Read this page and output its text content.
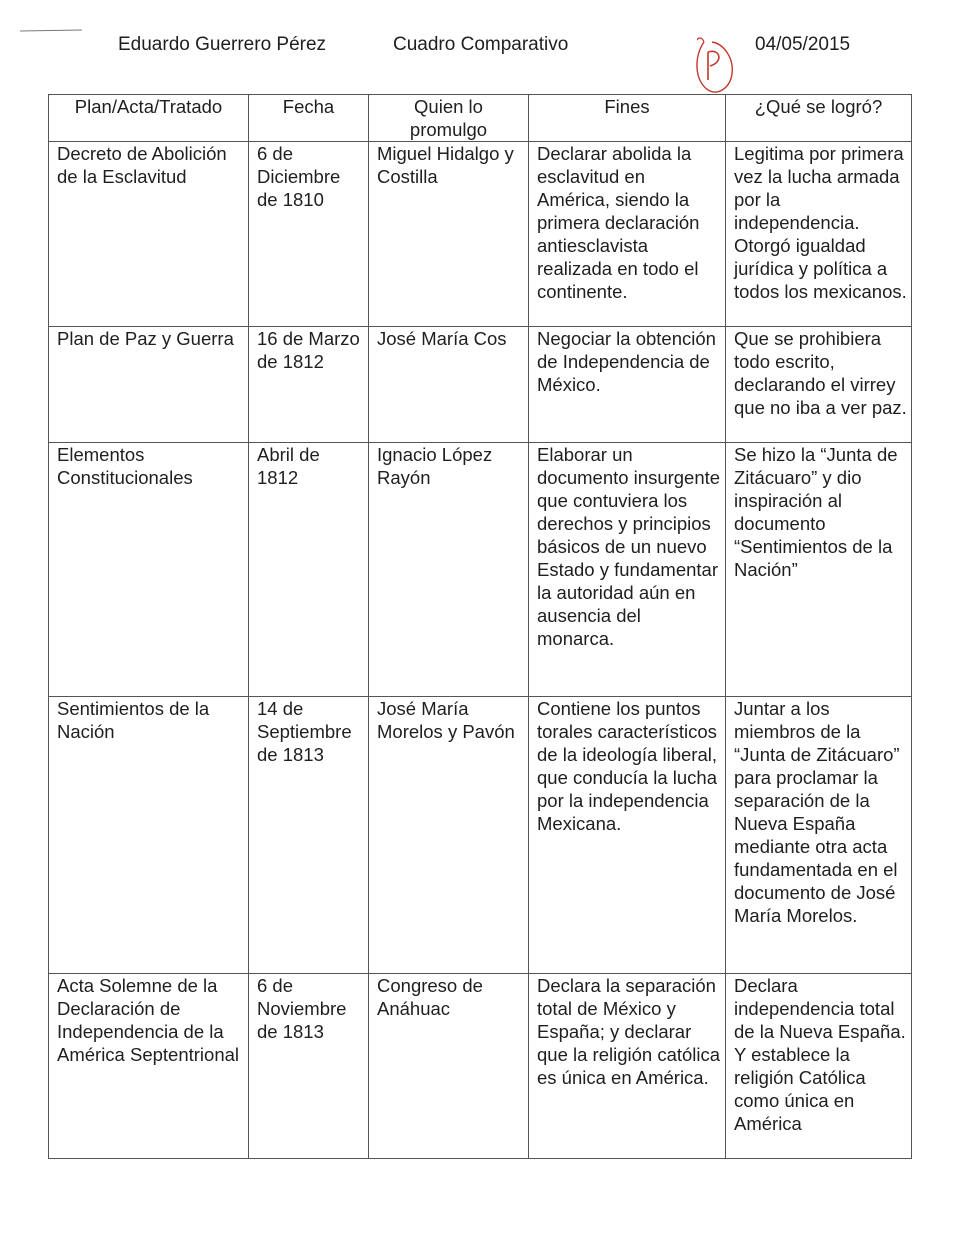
Eduardo Guerrero Pérez	Cuadro Comparativo	04/05/2015
Plan/Acta/Tratado	Fecha	Quien lo promulgo	Fines	¿Qué se logró?
Decreto de Abolición de la Esclavitud	6 de Diciembre de 1810	Miguel Hidalgo y Costilla	Declarar abolida la esclavitud en América, siendo la primera declaración antiesclavista realizada en todo el continente.	Legitima por primera vez la lucha armada por la independencia. Otorgó igualdad jurídica y política a todos los mexicanos.
Plan de Paz y Guerra	16 de Marzo de 1812	José María Cos	Negociar la obtención de Independencia de México.	Que se prohibiera todo escrito, declarando el virrey que no iba a ver paz.
Elementos Constitucionales	Abril de 1812	Ignacio López Rayón	Elaborar un documento insurgente que contuviera los derechos y principios básicos de un nuevo Estado y fundamentar la autoridad aún en ausencia del monarca.	Se hizo la “Junta de Zitácuaro” y dio inspiración al documento “Sentimientos de la Nación”
Sentimientos de la Nación	14 de Septiembre de 1813	José María Morelos y Pavón	Contiene los puntos torales característicos de la ideología liberal, que conducía la lucha por la independencia Mexicana.	Juntar a los miembros de la “Junta de Zitácuaro” para proclamar la separación de la Nueva España mediante otra acta fundamentada en el documento de José María Morelos.
Acta Solemne de la Declaración de Independencia de la América Septentrional	6 de Noviembre de 1813	Congreso de Anáhuac	Declara la separación total de México y España; y declarar que la religión católica es única en América.	Declara independencia total de la Nueva España. Y establece la religión Católica como única en América
